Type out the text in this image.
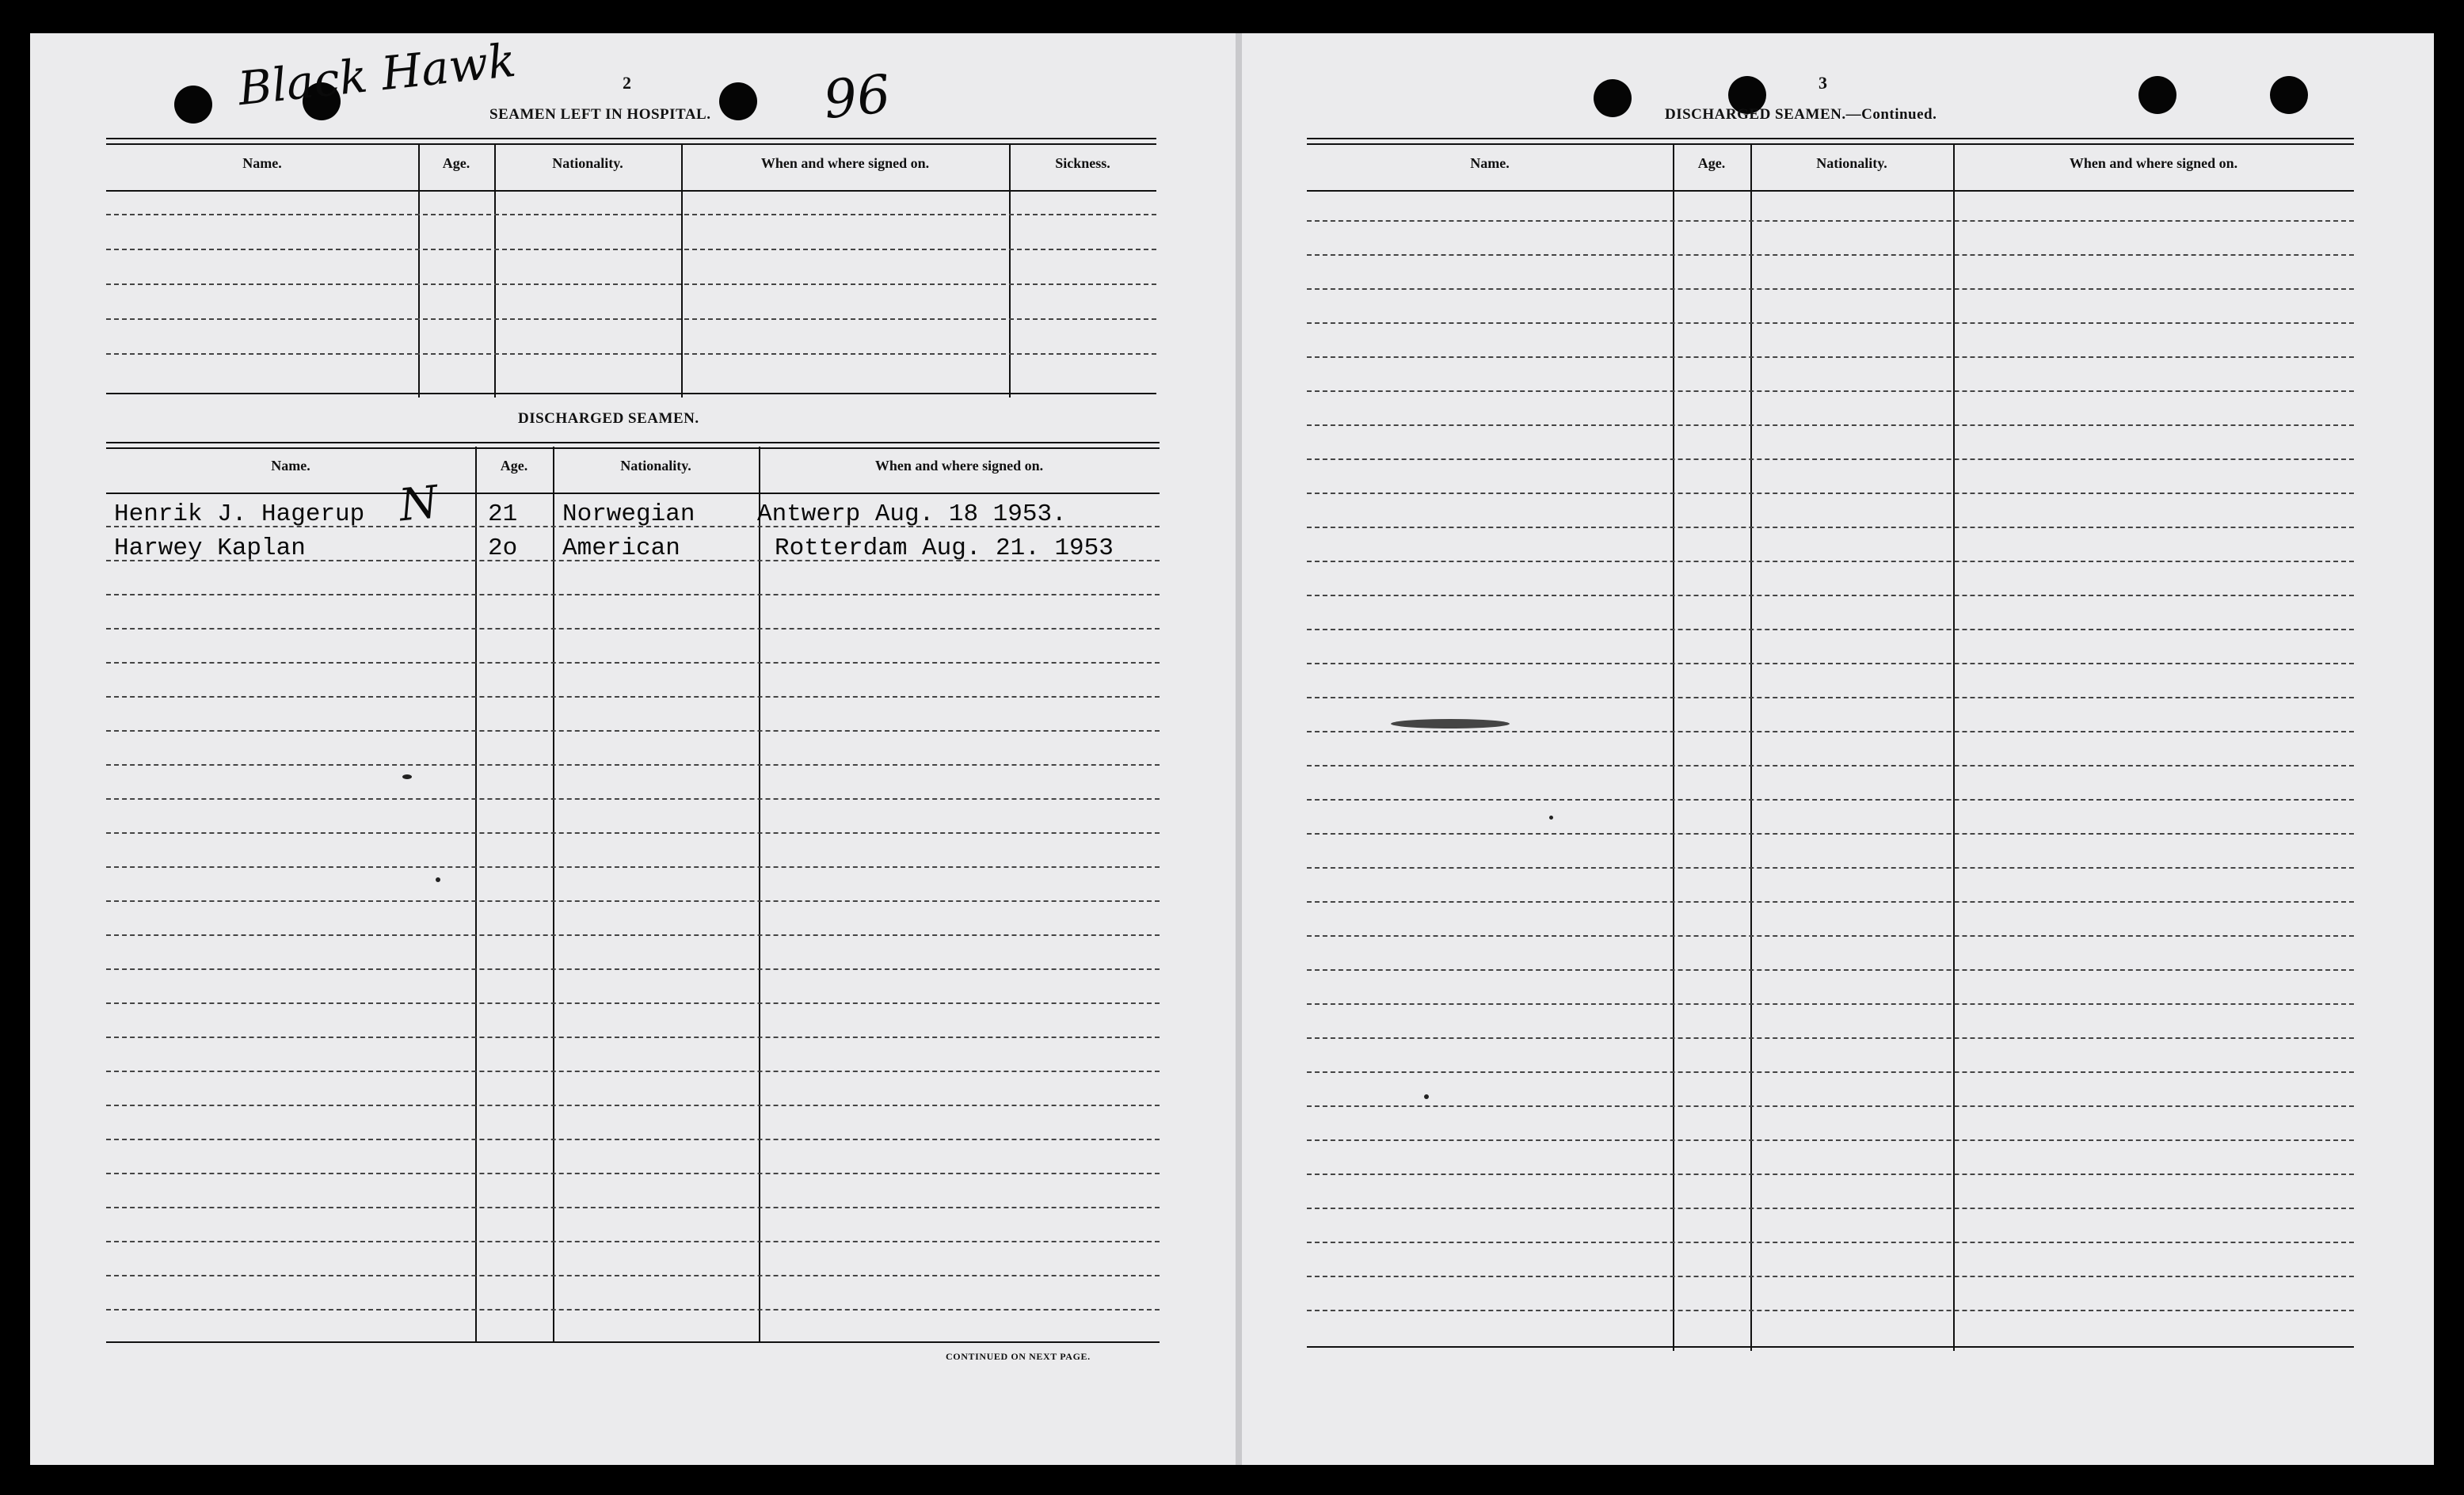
Black Hawk	96
2
SEAMEN LEFT IN HOSPITAL.
Name.	Age.	Nationality.	When and where signed on.	Sickness.
DISCHARGED SEAMEN.
Name.	Age.	Nationality.	When and where signed on.
Henrik J. Hagerup N 21 Norwegian	Antwerp Aug. 18 1953.
Harwey Kaplan	2o American	Rotterdam Aug. 21. 1953
CONTINUED ON NEXT PAGE.
3
DISCHARGED SEAMEN.—Continued.
Name.	Age.	Nationality.	When and where signed on.
